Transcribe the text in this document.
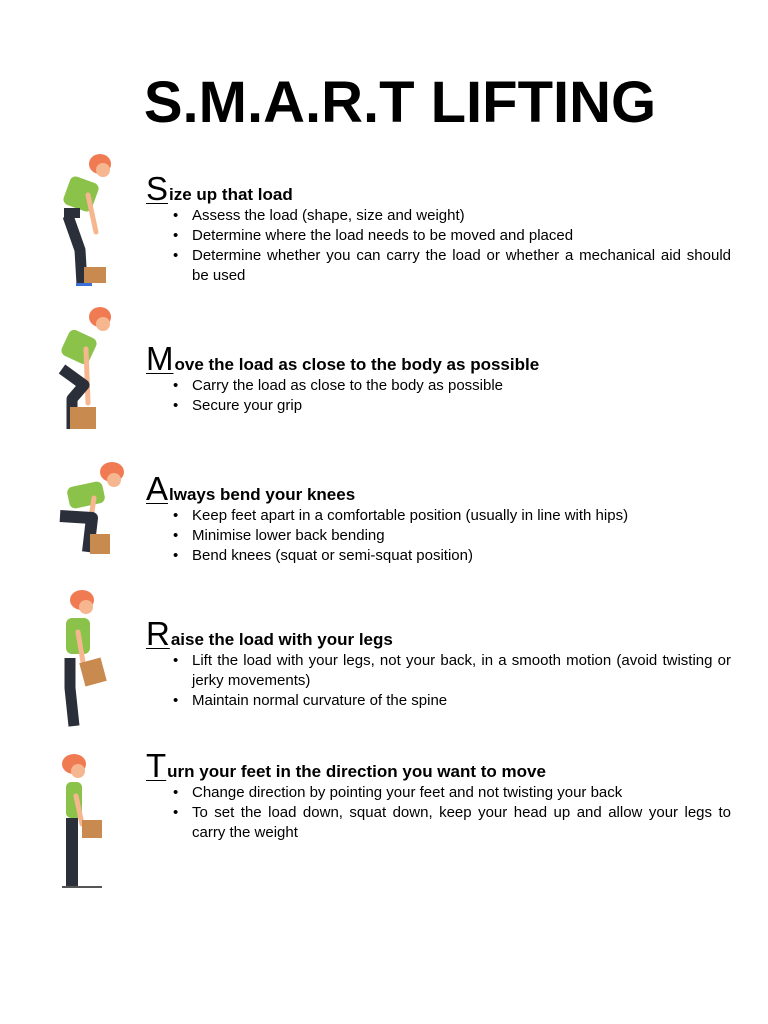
S.M.A.R.T LIFTING
Size up that load
• Assess the load (shape, size and weight)
• Determine where the load needs to be moved and placed
• Determine whether you can carry the load or whether a mechanical aid should be used
Move the load as close to the body as possible
• Carry the load as close to the body as possible
• Secure your grip
Always bend your knees
• Keep feet apart in a comfortable position (usually in line with hips)
• Minimise lower back bending
• Bend knees (squat or semi-squat position)
Raise the load with your legs
• Lift the load with your legs, not your back, in a smooth motion (avoid twisting or jerky movements)
• Maintain normal curvature of the spine
Turn your feet in the direction you want to move
• Change direction by pointing your feet and not twisting your back
• To set the load down, squat down, keep your head up and allow your legs to carry the weight
